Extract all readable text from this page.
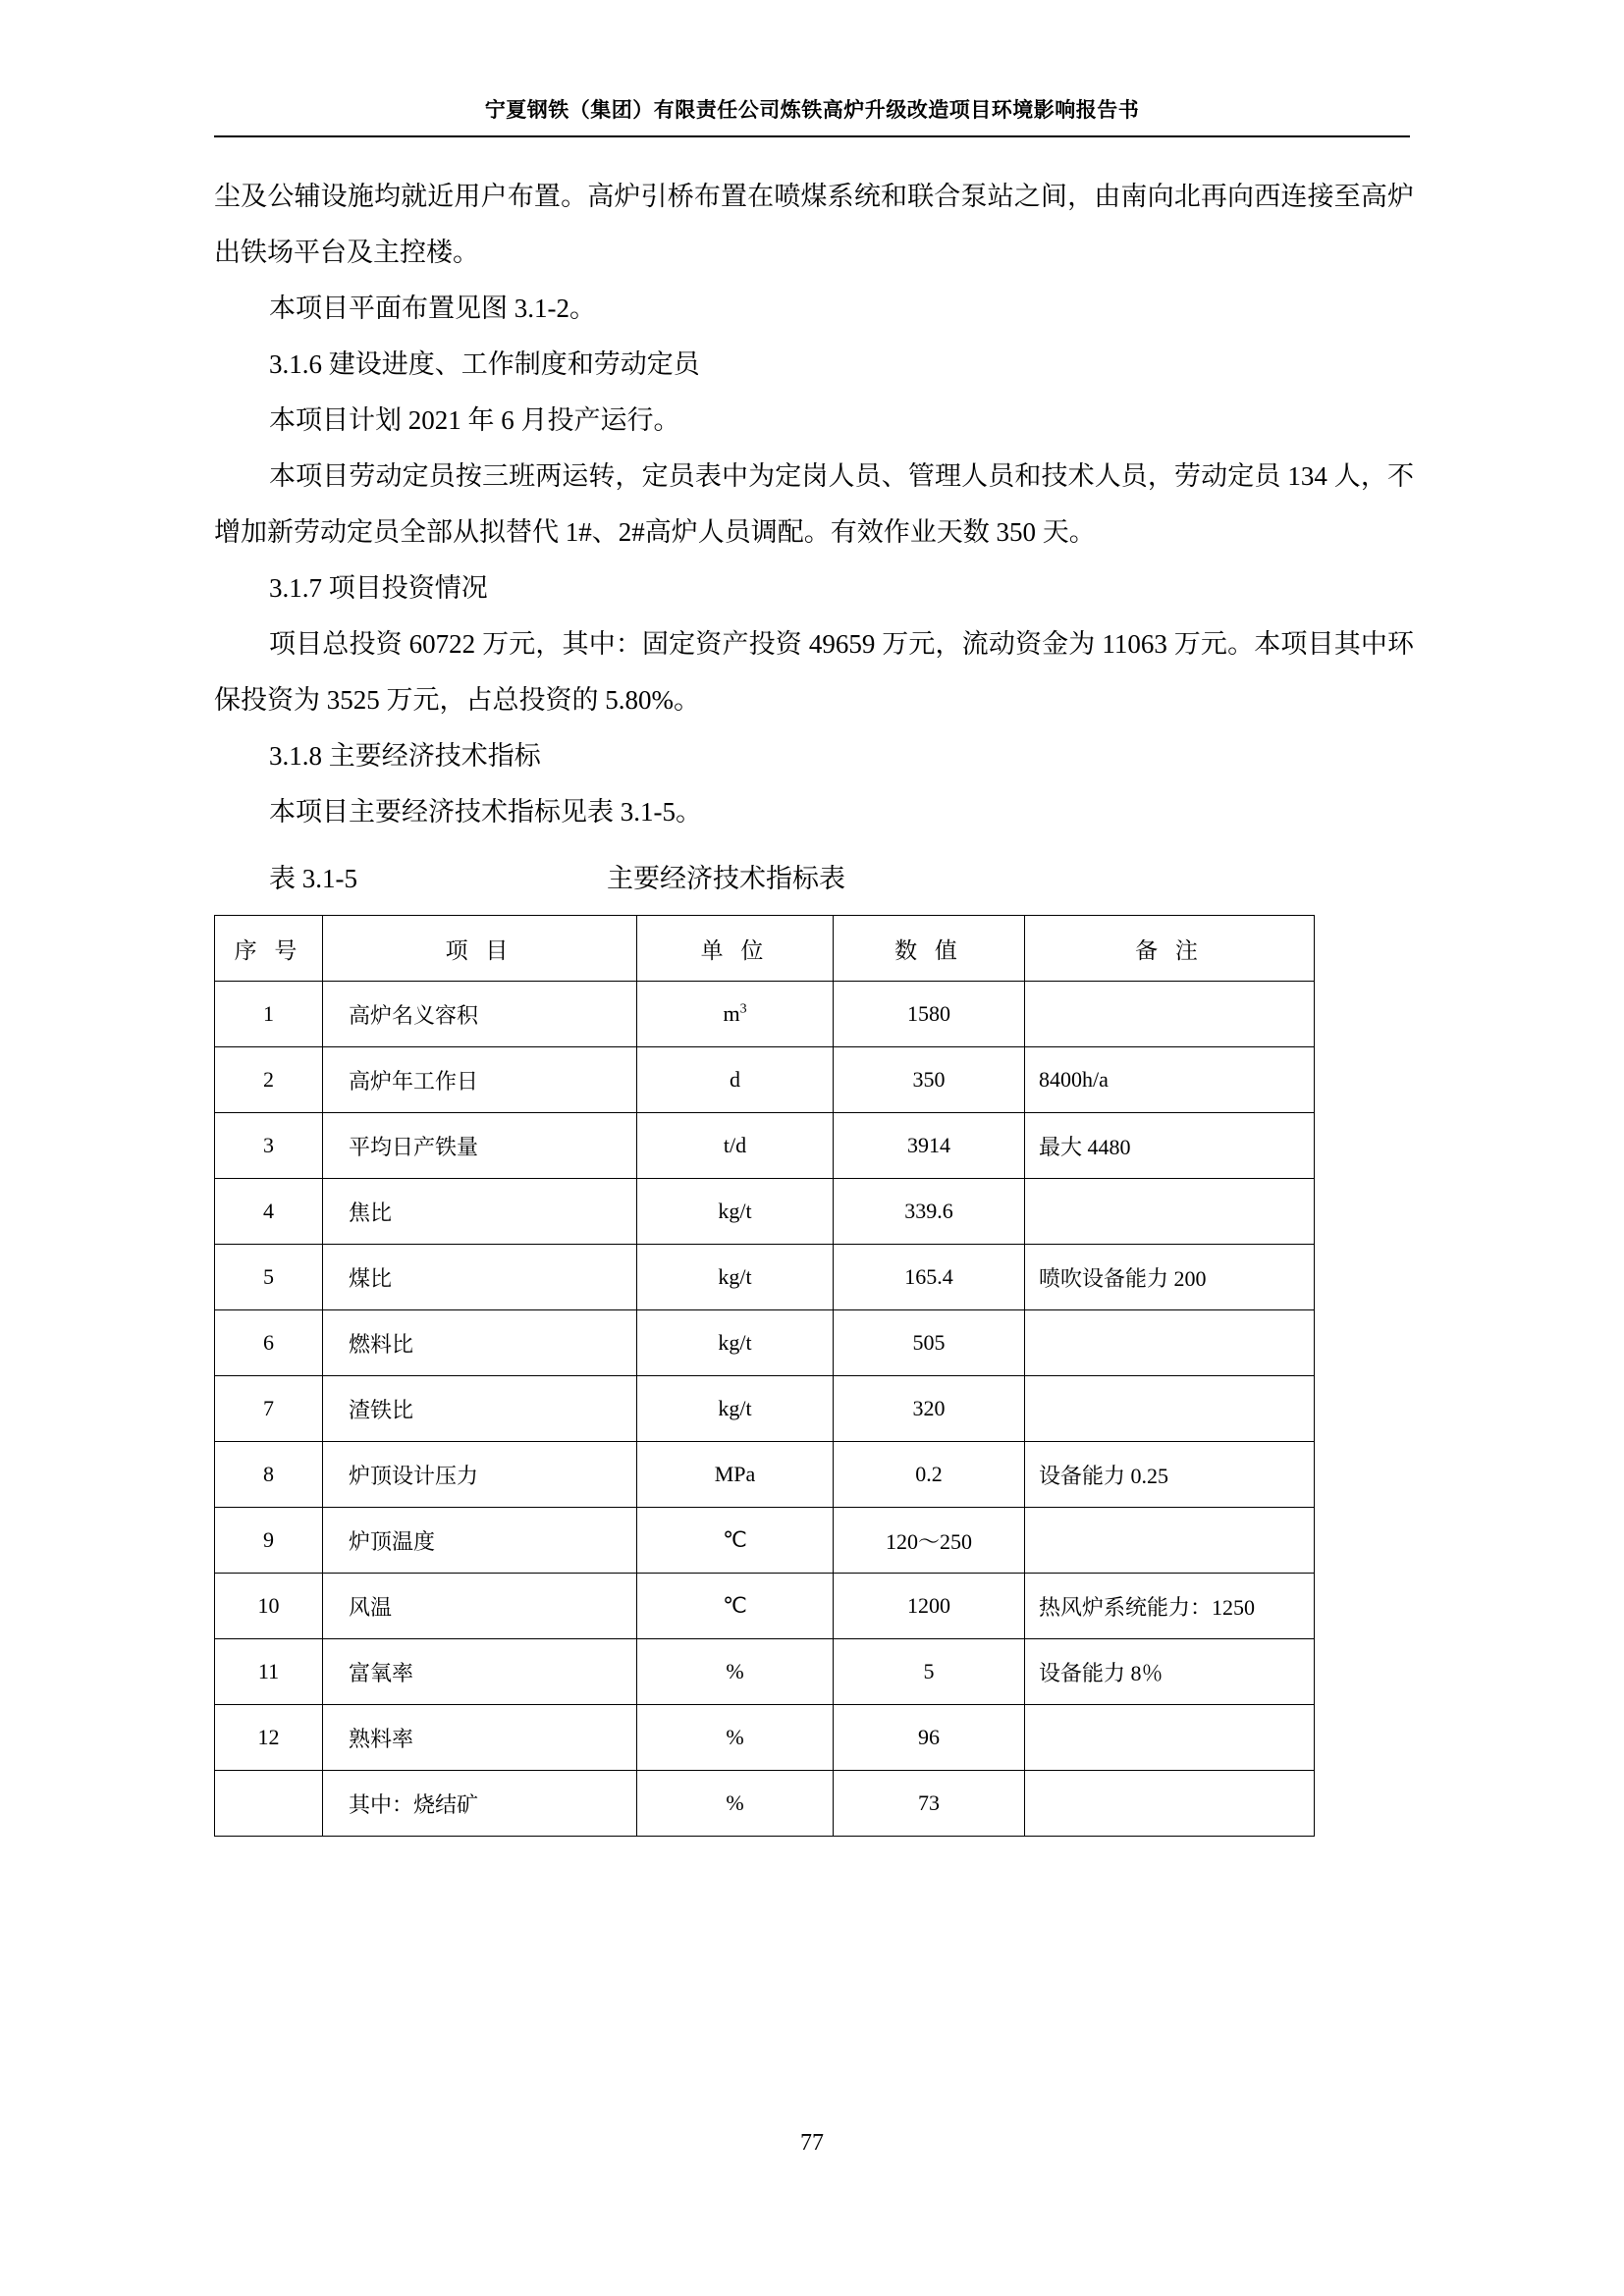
宁夏钢铁（集团）有限责任公司炼铁高炉升级改造项目环境影响报告书

尘及公辅设施均就近用户布置。高炉引桥布置在喷煤系统和联合泵站之间，由南向北再向西连接至高炉出铁场平台及主控楼。

本项目平面布置见图 3.1-2。

3.1.6 建设进度、工作制度和劳动定员

本项目计划 2021 年 6 月投产运行。

本项目劳动定员按三班两运转，定员表中为定岗人员、管理人员和技术人员，劳动定员 134 人，不增加新劳动定员全部从拟替代 1#、2#高炉人员调配。有效作业天数 350 天。

3.1.7 项目投资情况

项目总投资 60722 万元，其中：固定资产投资 49659 万元，流动资金为 11063 万元。本项目其中环保投资为 3525 万元，占总投资的 5.80%。

3.1.8 主要经济技术指标

本项目主要经济技术指标见表 3.1-5。

表 3.1-5	主要经济技术指标表
序 号	项 目	单 位	数 值	备 注
1	高炉名义容积	$m^3$	1580	
2	高炉年工作日	d	350	8400h/a
3	平均日产铁量	t/d	3914	最大 4480
4	焦比	kg/t	339.6	
5	煤比	kg/t	165.4	喷吹设备能力 200
6	燃料比	kg/t	505	
7	渣铁比	kg/t	320	
8	炉顶设计压力	MPa	0.2	设备能力 0.25
9	炉顶温度	℃	120～250	
10	风温	℃	1200	热风炉系统能力：1250
11	富氧率	%	5	设备能力 8％
12	熟料率	%	96	
	其中：烧结矿	%	73	
77
